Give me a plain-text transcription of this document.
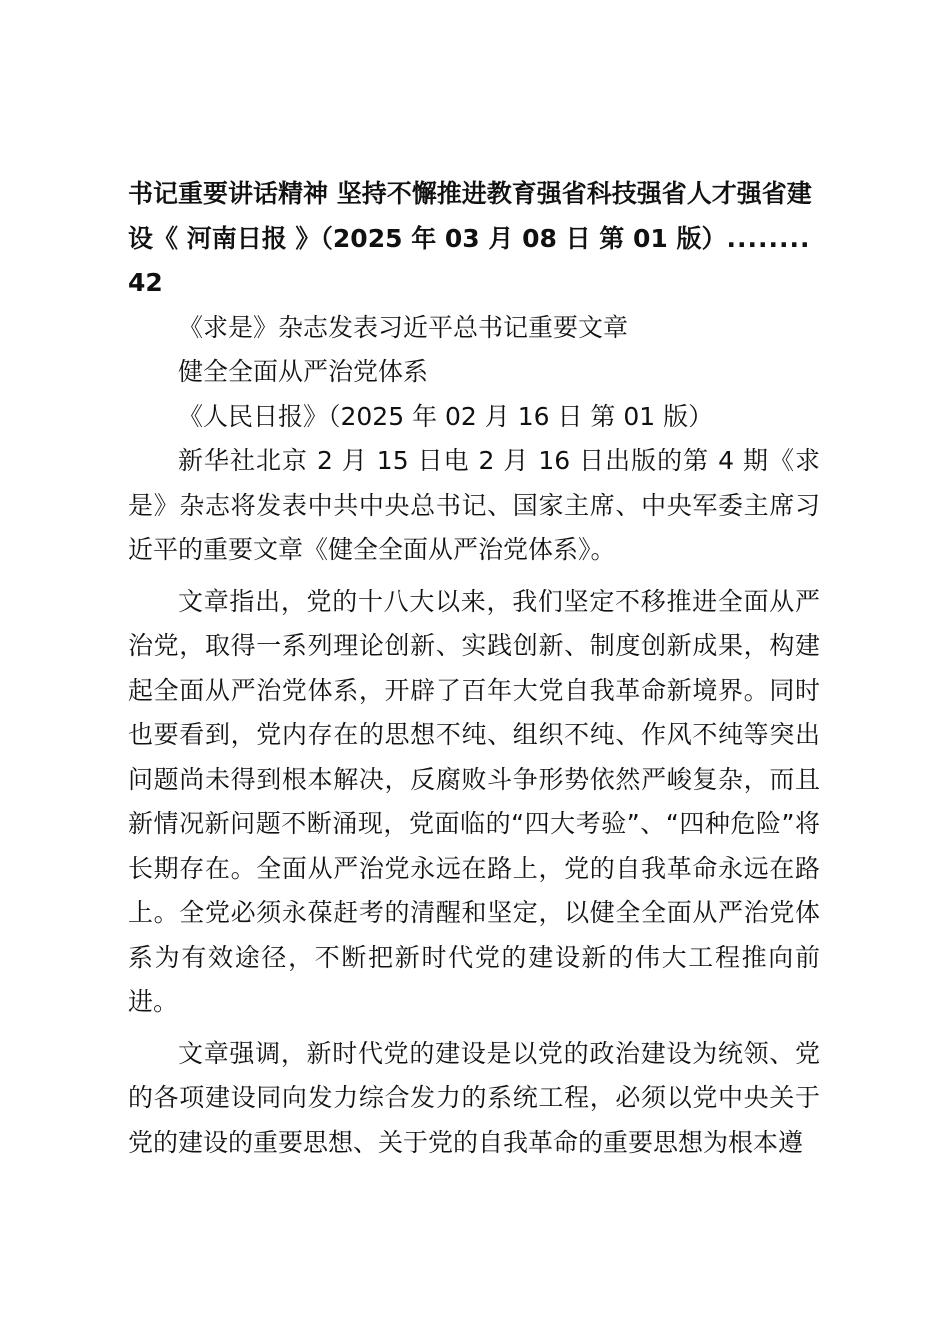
书记重要讲话精神 坚持不懈推进教育强省科技强省人才强省建设《 河南日报 》（2025 年 03 月 08 日 第 01 版）........42

《求是》杂志发表习近平总书记重要文章

健全全面从严治党体系

《人民日报》（2025 年 02 月 16 日 第 01 版）

新华社北京 2 月 15 日电 2 月 16 日出版的第 4 期《求是》杂志将发表中共中央总书记、国家主席、中央军委主席习近平的重要文章《健全全面从严治党体系》。

文章指出，党的十八大以来，我们坚定不移推进全面从严治党，取得一系列理论创新、实践创新、制度创新成果，构建起全面从严治党体系，开辟了百年大党自我革命新境界。同时也要看到，党内存在的思想不纯、组织不纯、作风不纯等突出问题尚未得到根本解决，反腐败斗争形势依然严峻复杂，而且新情况新问题不断涌现，党面临的“四大考验”、“四种危险”将长期存在。全面从严治党永远在路上，党的自我革命永远在路上。全党必须永葆赶考的清醒和坚定，以健全全面从严治党体系为有效途径，不断把新时代党的建设新的伟大工程推向前进。

文章强调，新时代党的建设是以党的政治建设为统领、党的各项建设同向发力综合发力的系统工程，必须以党中央关于党的建设的重要思想、关于党的自我革命的重要思想为根本遵
